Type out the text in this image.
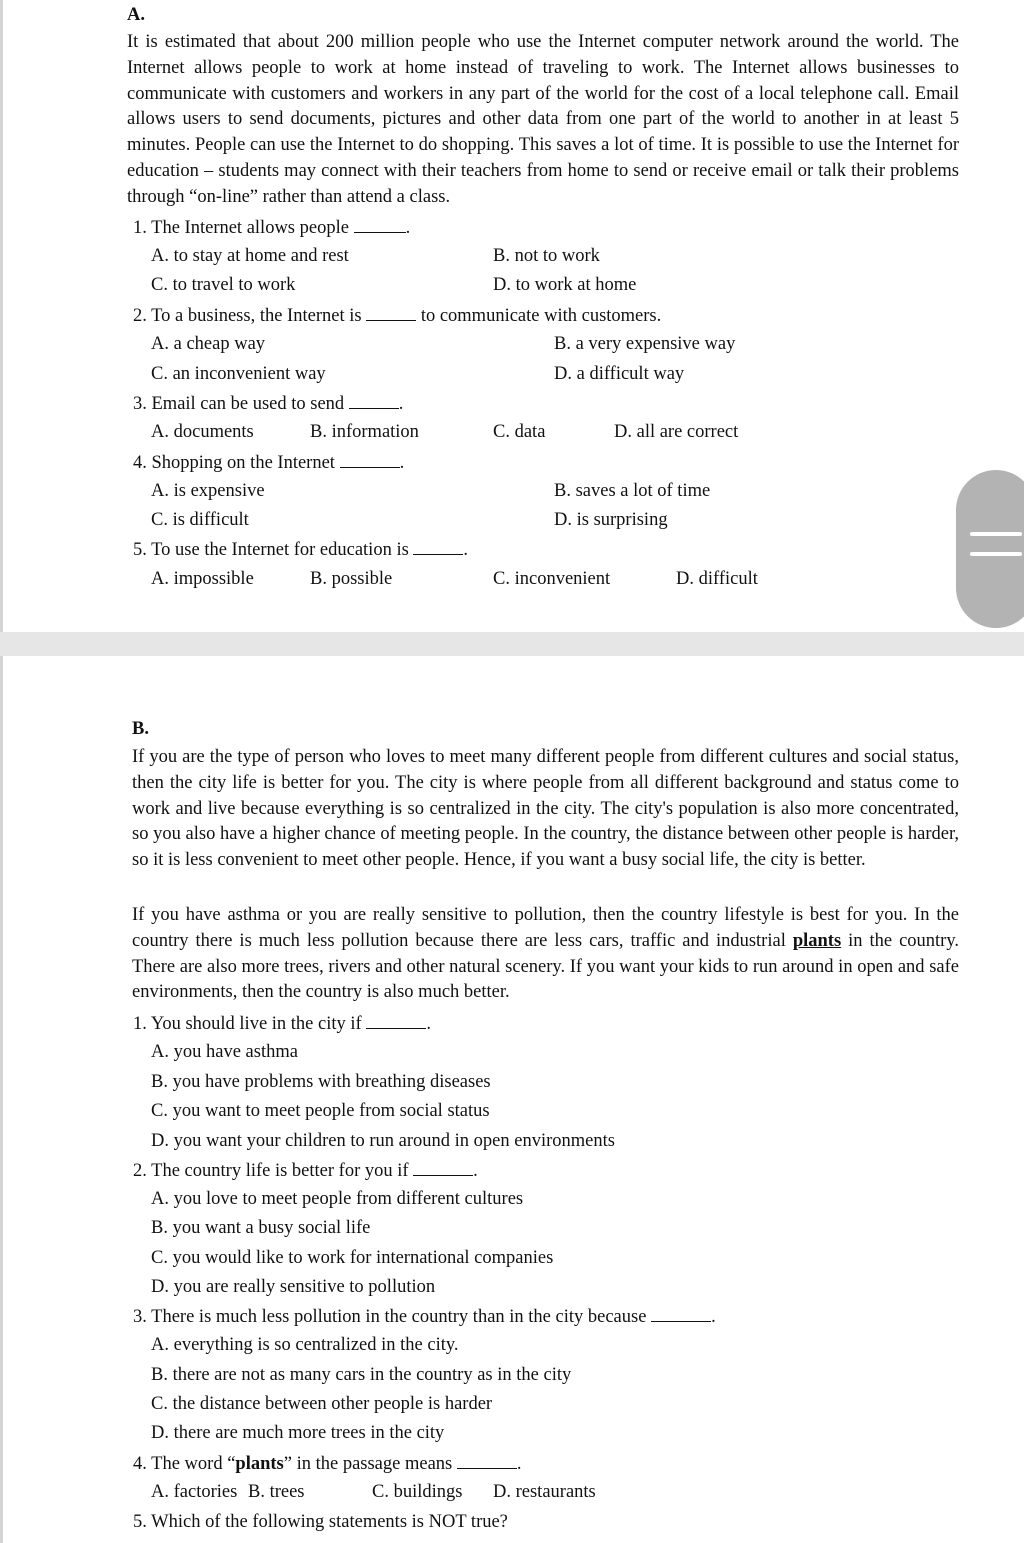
A.
It is estimated that about 200 million people who use the Internet computer network around the world. The Internet allows people to work at home instead of traveling to work. The Internet allows businesses to communicate with customers and workers in any part of the world for the cost of a local telephone call. Email allows users to send documents, pictures and other data from one part of the world to another in at least 5 minutes. People can use the Internet to do shopping. This saves a lot of time. It is possible to use the Internet for education – students may connect with their teachers from home to send or receive email or talk their problems through “on-line” rather than attend a class.
1. The Internet allows people	.
A. to stay at home and rest	B. not to work
C. to travel to work	D. to work at home
2. To a business, the Internet is	to communicate with customers.
A. a cheap way	B. a very expensive way
C. an inconvenient way	D. a difficult way
3. Email can be used to send	.
A. documents	B. information	C. data	D. all are correct
4. Shopping on the Internet	.
A. is expensive	B. saves a lot of time
C. is difficult	D. is surprising
5. To use the Internet for education is	.
A. impossible	B. possible	C. inconvenient	D. difficult
B.
If you are the type of person who loves to meet many different people from different cultures and social status, then the city life is better for you. The city is where people from all different background and status come to work and live because everything is so centralized in the city. The city's population is also more concentrated, so you also have a higher chance of meeting people. In the country, the distance between other people is harder, so it is less convenient to meet other people. Hence, if you want a busy social life, the city is better.
If you have asthma or you are really sensitive to pollution, then the country lifestyle is best for you. In the country there is much less pollution because there are less cars, traffic and industrial plants in the country. There are also more trees, rivers and other natural scenery. If you want your kids to run around in open and safe environments, then the country is also much better.
1. You should live in the city if	.
A. you have asthma
B. you have problems with breathing diseases
C. you want to meet people from social status
D. you want your children to run around in open environments
2. The country life is better for you if	.
A. you love to meet people from different cultures
B. you want a busy social life
C. you would like to work for international companies
D. you are really sensitive to pollution
3. There is much less pollution in the country than in the city because	.
A. everything is so centralized in the city.
B. there are not as many cars in the country as in the city
C. the distance between other people is harder
D. there are much more trees in the city
4. The word “plants” in the passage means	.
A. factories B. trees	C. buildings D. restaurants
5. Which of the following statements is NOT true?
